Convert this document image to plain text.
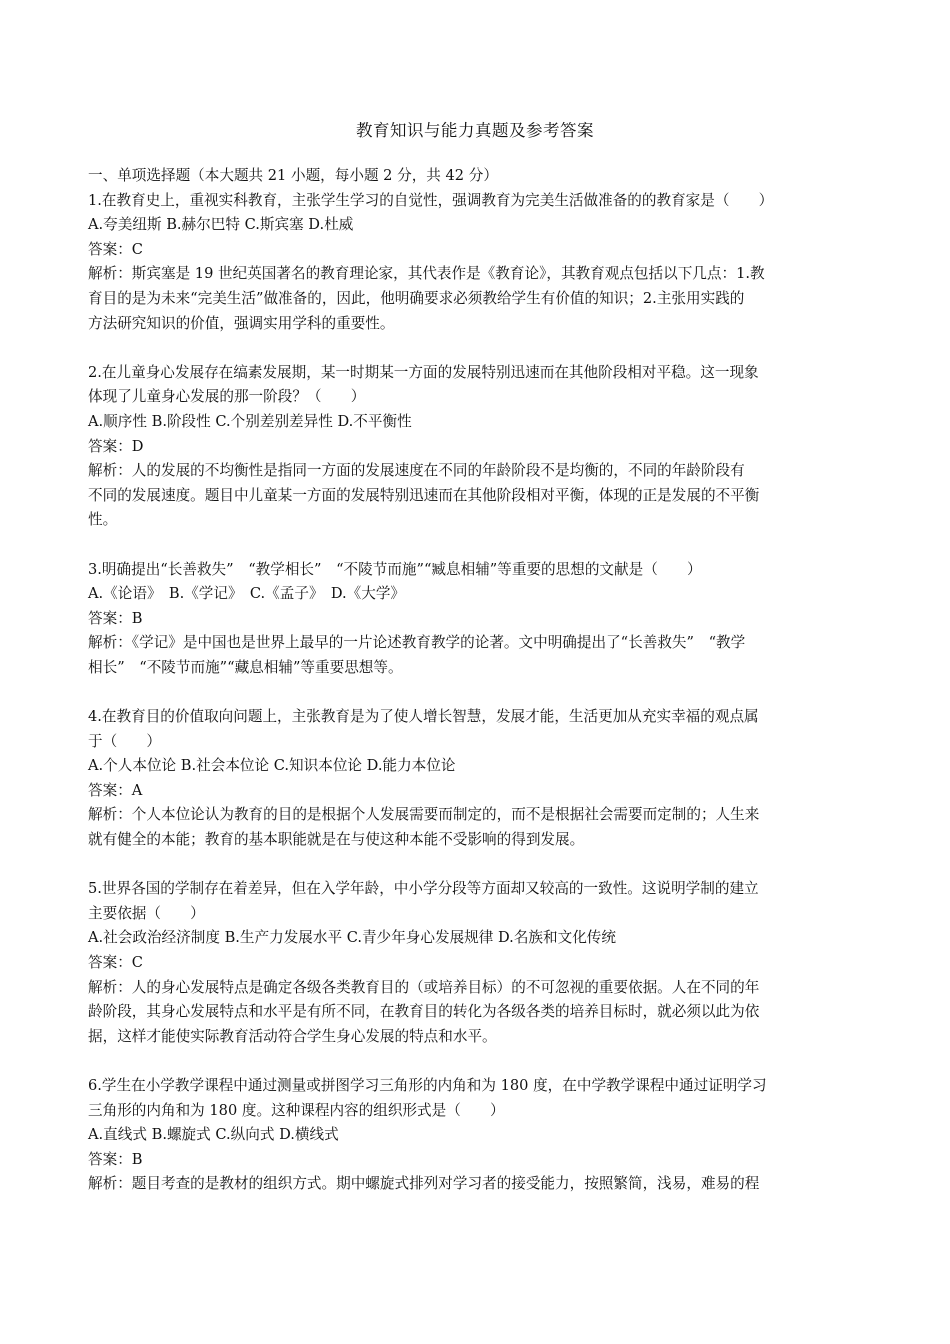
教育知识与能力真题及参考答案

一、单项选择题（本大题共 21 小题，每小题 2 分，共 42 分）

1.在教育史上，重视实科教育，主张学生学习的自觉性，强调教育为完美生活做准备的的教育家是（　　）

A.夸美纽斯 B.赫尔巴特 C.斯宾塞 D.杜威

答案：C

解析：斯宾塞是 19 世纪英国著名的教育理论家，其代表作是《教育论》，其教育观点包括以下几点：1.教

育目的是为未来“完美生活”做准备的，因此，他明确要求必须教给学生有价值的知识；2.主张用实践的

方法研究知识的价值，强调实用学科的重要性。

2.在儿童身心发展存在缟素发展期，某一时期某一方面的发展特别迅速而在其他阶段相对平稳。这一现象

体现了儿童身心发展的那一阶段？（　　）

A.顺序性 B.阶段性 C.个别差别差异性 D.不平衡性

答案：D

解析：人的发展的不均衡性是指同一方面的发展速度在不同的年龄阶段不是均衡的，不同的年龄阶段有

不同的发展速度。题目中儿童某一方面的发展特别迅速而在其他阶段相对平衡，体现的正是发展的不平衡

性。

3.明确提出“长善救失”　“教学相长”　“不陵节而施”“臧息相辅”等重要的思想的文献是（　　）

A.《论语》　B.《学记》　C.《孟子》　D.《大学》

答案：B

解析：《学记》是中国也是世界上最早的一片论述教育教学的论著。文中明确提出了“长善救失”　“教学

相长”　“不陵节而施”“藏息相辅”等重要思想等。

4.在教育目的价值取向问题上，主张教育是为了使人增长智慧，发展才能，生活更加从充实幸福的观点属

于（　　）

A.个人本位论 B.社会本位论 C.知识本位论 D.能力本位论

答案：A

解析：个人本位论认为教育的目的是根据个人发展需要而制定的，而不是根据社会需要而定制的；人生来

就有健全的本能；教育的基本职能就是在与使这种本能不受影响的得到发展。

5.世界各国的学制存在着差异，但在入学年龄，中小学分段等方面却又较高的一致性。这说明学制的建立

主要依据（　　）

A.社会政治经济制度 B.生产力发展水平 C.青少年身心发展规律 D.名族和文化传统

答案：C

解析：人的身心发展特点是确定各级各类教育目的（或培养目标）的不可忽视的重要依据。人在不同的年

龄阶段，其身心发展特点和水平是有所不同，在教育目的转化为各级各类的培养目标时，就必须以此为依

据，这样才能使实际教育活动符合学生身心发展的特点和水平。

6.学生在小学教学课程中通过测量或拼图学习三角形的内角和为 180 度，在中学教学课程中通过证明学习

三角形的内角和为 180 度。这种课程内容的组织形式是（　　）

A.直线式 B.螺旋式 C.纵向式 D.横线式

答案：B

解析：题目考查的是教材的组织方式。期中螺旋式排列对学习者的接受能力，按照繁简，浅易，难易的程
